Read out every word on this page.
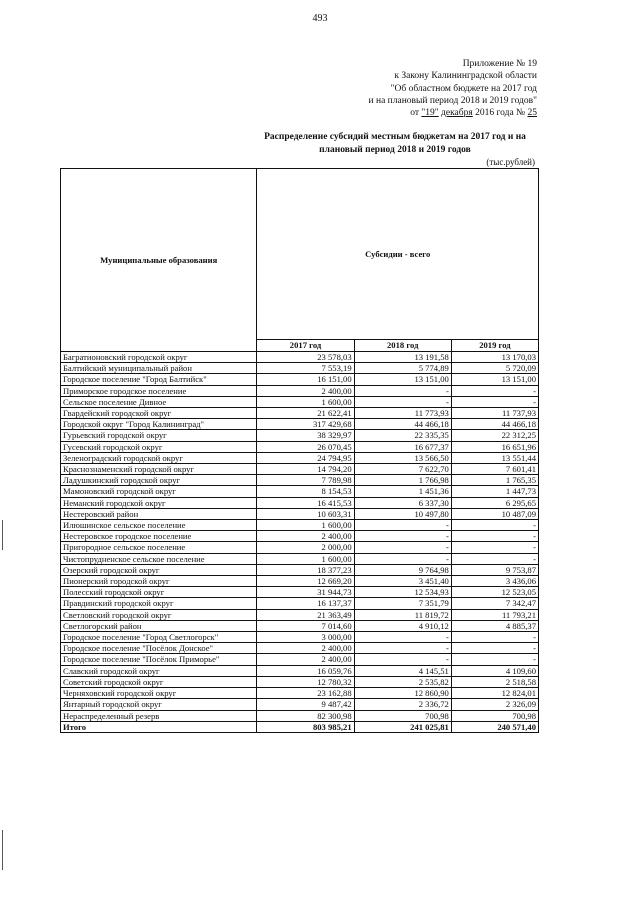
493
Приложение № 19
к Закону Калининградской области
"Об областном бюджете на 2017 год
и на плановый период 2018 и 2019 годов"
от "19" декабря 2016 года № 25
Распределение субсидий местным бюджетам на 2017 год и на
плановый период 2018 и 2019 годов
(тыс.рублей)
Муниципальные образования	Субсидии - всего		
	2017 год	2018 год	2019 год
Багратионовский городской округ	23 578,03	13 191,58	13 170,03
Балтийский муниципальный район	7 553,19	5 774,89	5 720,09
Городское поселение "Город Балтийск"	16 151,00	13 151,00	13 151,00
Приморское городское поселение	2 400,00	-	-
Сельское поселение Дивное	1 600,00	-	-
Гвардейский городской округ	21 622,41	11 773,93	11 737,93
Городской округ "Город Калининград"	317 429,68	44 466,18	44 466,18
Гурьевский городской округ	38 329,97	22 335,35	22 312,25
Гусевский городской округ	26 070,45	16 677,37	16 651,96
Зеленоградский городской округ	24 794,95	13 566,50	13 551,44
Краснознаменский городской округ	14 794,20	7 622,70	7 601,41
Ладушкинский городской округ	7 789,98	1 766,98	1 765,35
Мамоновский городской округ	8 154,53	1 451,36	1 447,73
Неманский городской округ	16 415,53	6 337,30	6 295,65
Нестеровский район	10 603,31	10 497,80	10 487,09
Илюшинское сельское поселение	1 600,00	-	-
Нестеровское городское поселение	2 400,00	-	-
Пригородное сельское поселение	2 000,00	-	-
Чистопрудненское сельское поселение	1 600,00	-	-
Озерский городской округ	18 377,23	9 764,98	9 753,87
Пионерский городской округ	12 669,20	3 451,40	3 436,06
Полесский городской округ	31 944,73	12 534,93	12 523,05
Правдинский городской округ	16 137,37	7 351,79	7 342,47
Светловский городской округ	21 363,49	11 819,72	11 793,21
Светлогорский район	7 014,60	4 910,12	4 885,37
Городское поселение "Город Светлогорск"	3 000,00	-	-
Городское поселение "Посёлок Донское"	2 400,00	-	-
Городское поселение "Посёлок Приморье"	2 400,00	-	-
Славский городской округ	16 059,76	4 145,51	4 109,60
Советский городской округ	12 780,32	2 535,82	2 518,58
Черняховский городской округ	23 162,88	12 860,90	12 824,01
Янтарный городской округ	9 487,42	2 336,72	2 326,09
Нераспределенный резерв	82 300,98	700,98	700,98
Итого	803 985,21	241 025,81	240 571,40
